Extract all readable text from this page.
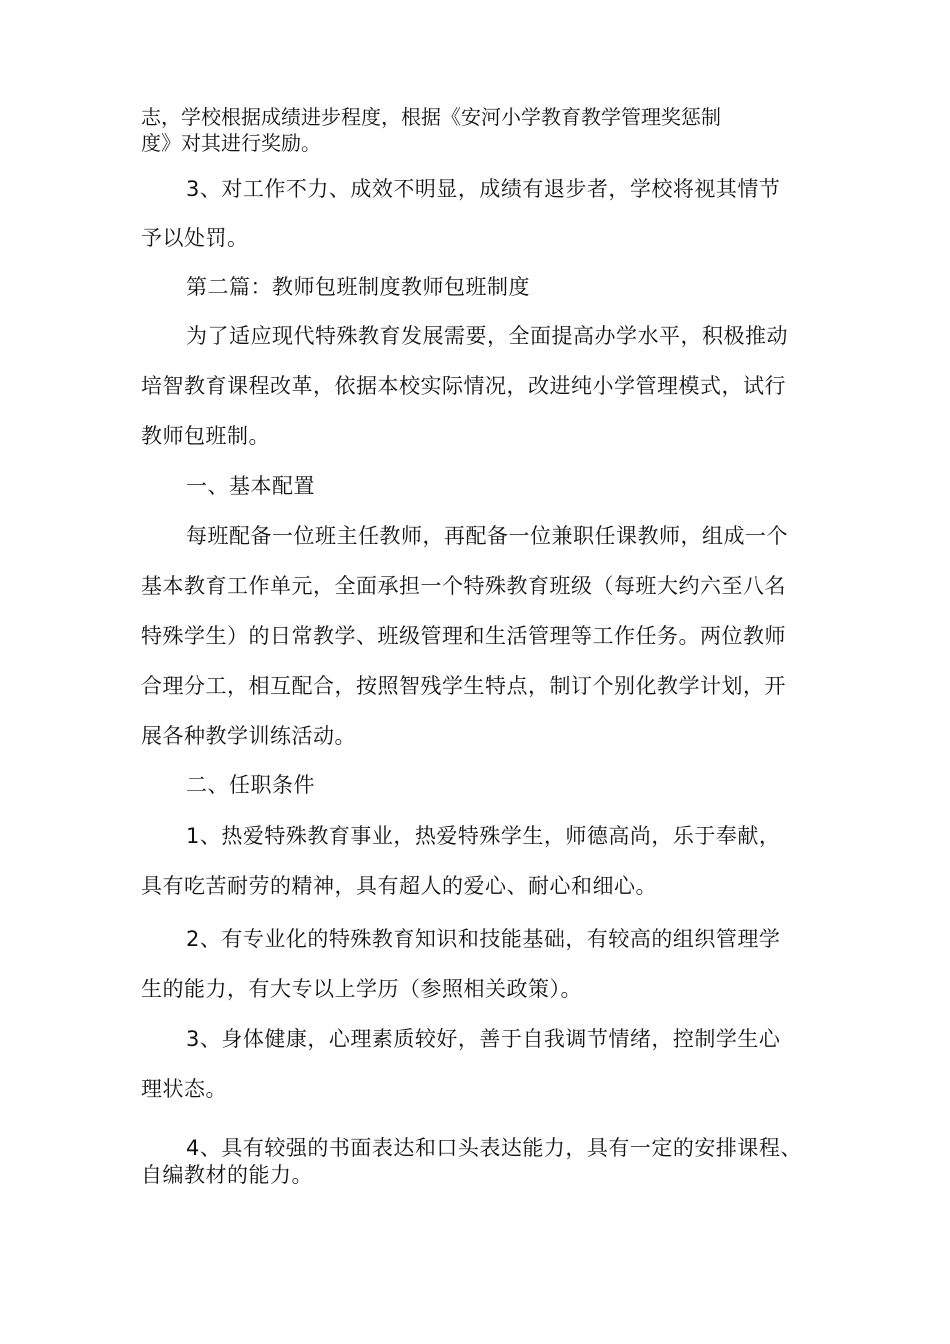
志，学校根据成绩进步程度，根据《安河小学教育教学管理奖惩制
度》对其进行奖励。
3、对工作不力、成效不明显，成绩有退步者，学校将视其情节
予以处罚。
第二篇：教师包班制度教师包班制度
为了适应现代特殊教育发展需要，全面提高办学水平，积极推动
培智教育课程改革，依据本校实际情况，改进纯小学管理模式，试行
教师包班制。
一、基本配置
每班配备一位班主任教师，再配备一位兼职任课教师，组成一个
基本教育工作单元，全面承担一个特殊教育班级（每班大约六至八名
特殊学生）的日常教学、班级管理和生活管理等工作任务。两位教师
合理分工，相互配合，按照智残学生特点，制订个别化教学计划，开
展各种教学训练活动。
二、任职条件
1、热爱特殊教育事业，热爱特殊学生，师德高尚，乐于奉献，
具有吃苦耐劳的精神，具有超人的爱心、耐心和细心。
2、有专业化的特殊教育知识和技能基础，有较高的组织管理学
生的能力，有大专以上学历（参照相关政策）。
3、身体健康，心理素质较好，善于自我调节情绪，控制学生心
理状态。
4、具有较强的书面表达和口头表达能力，具有一定的安排课程、
自编教材的能力。
